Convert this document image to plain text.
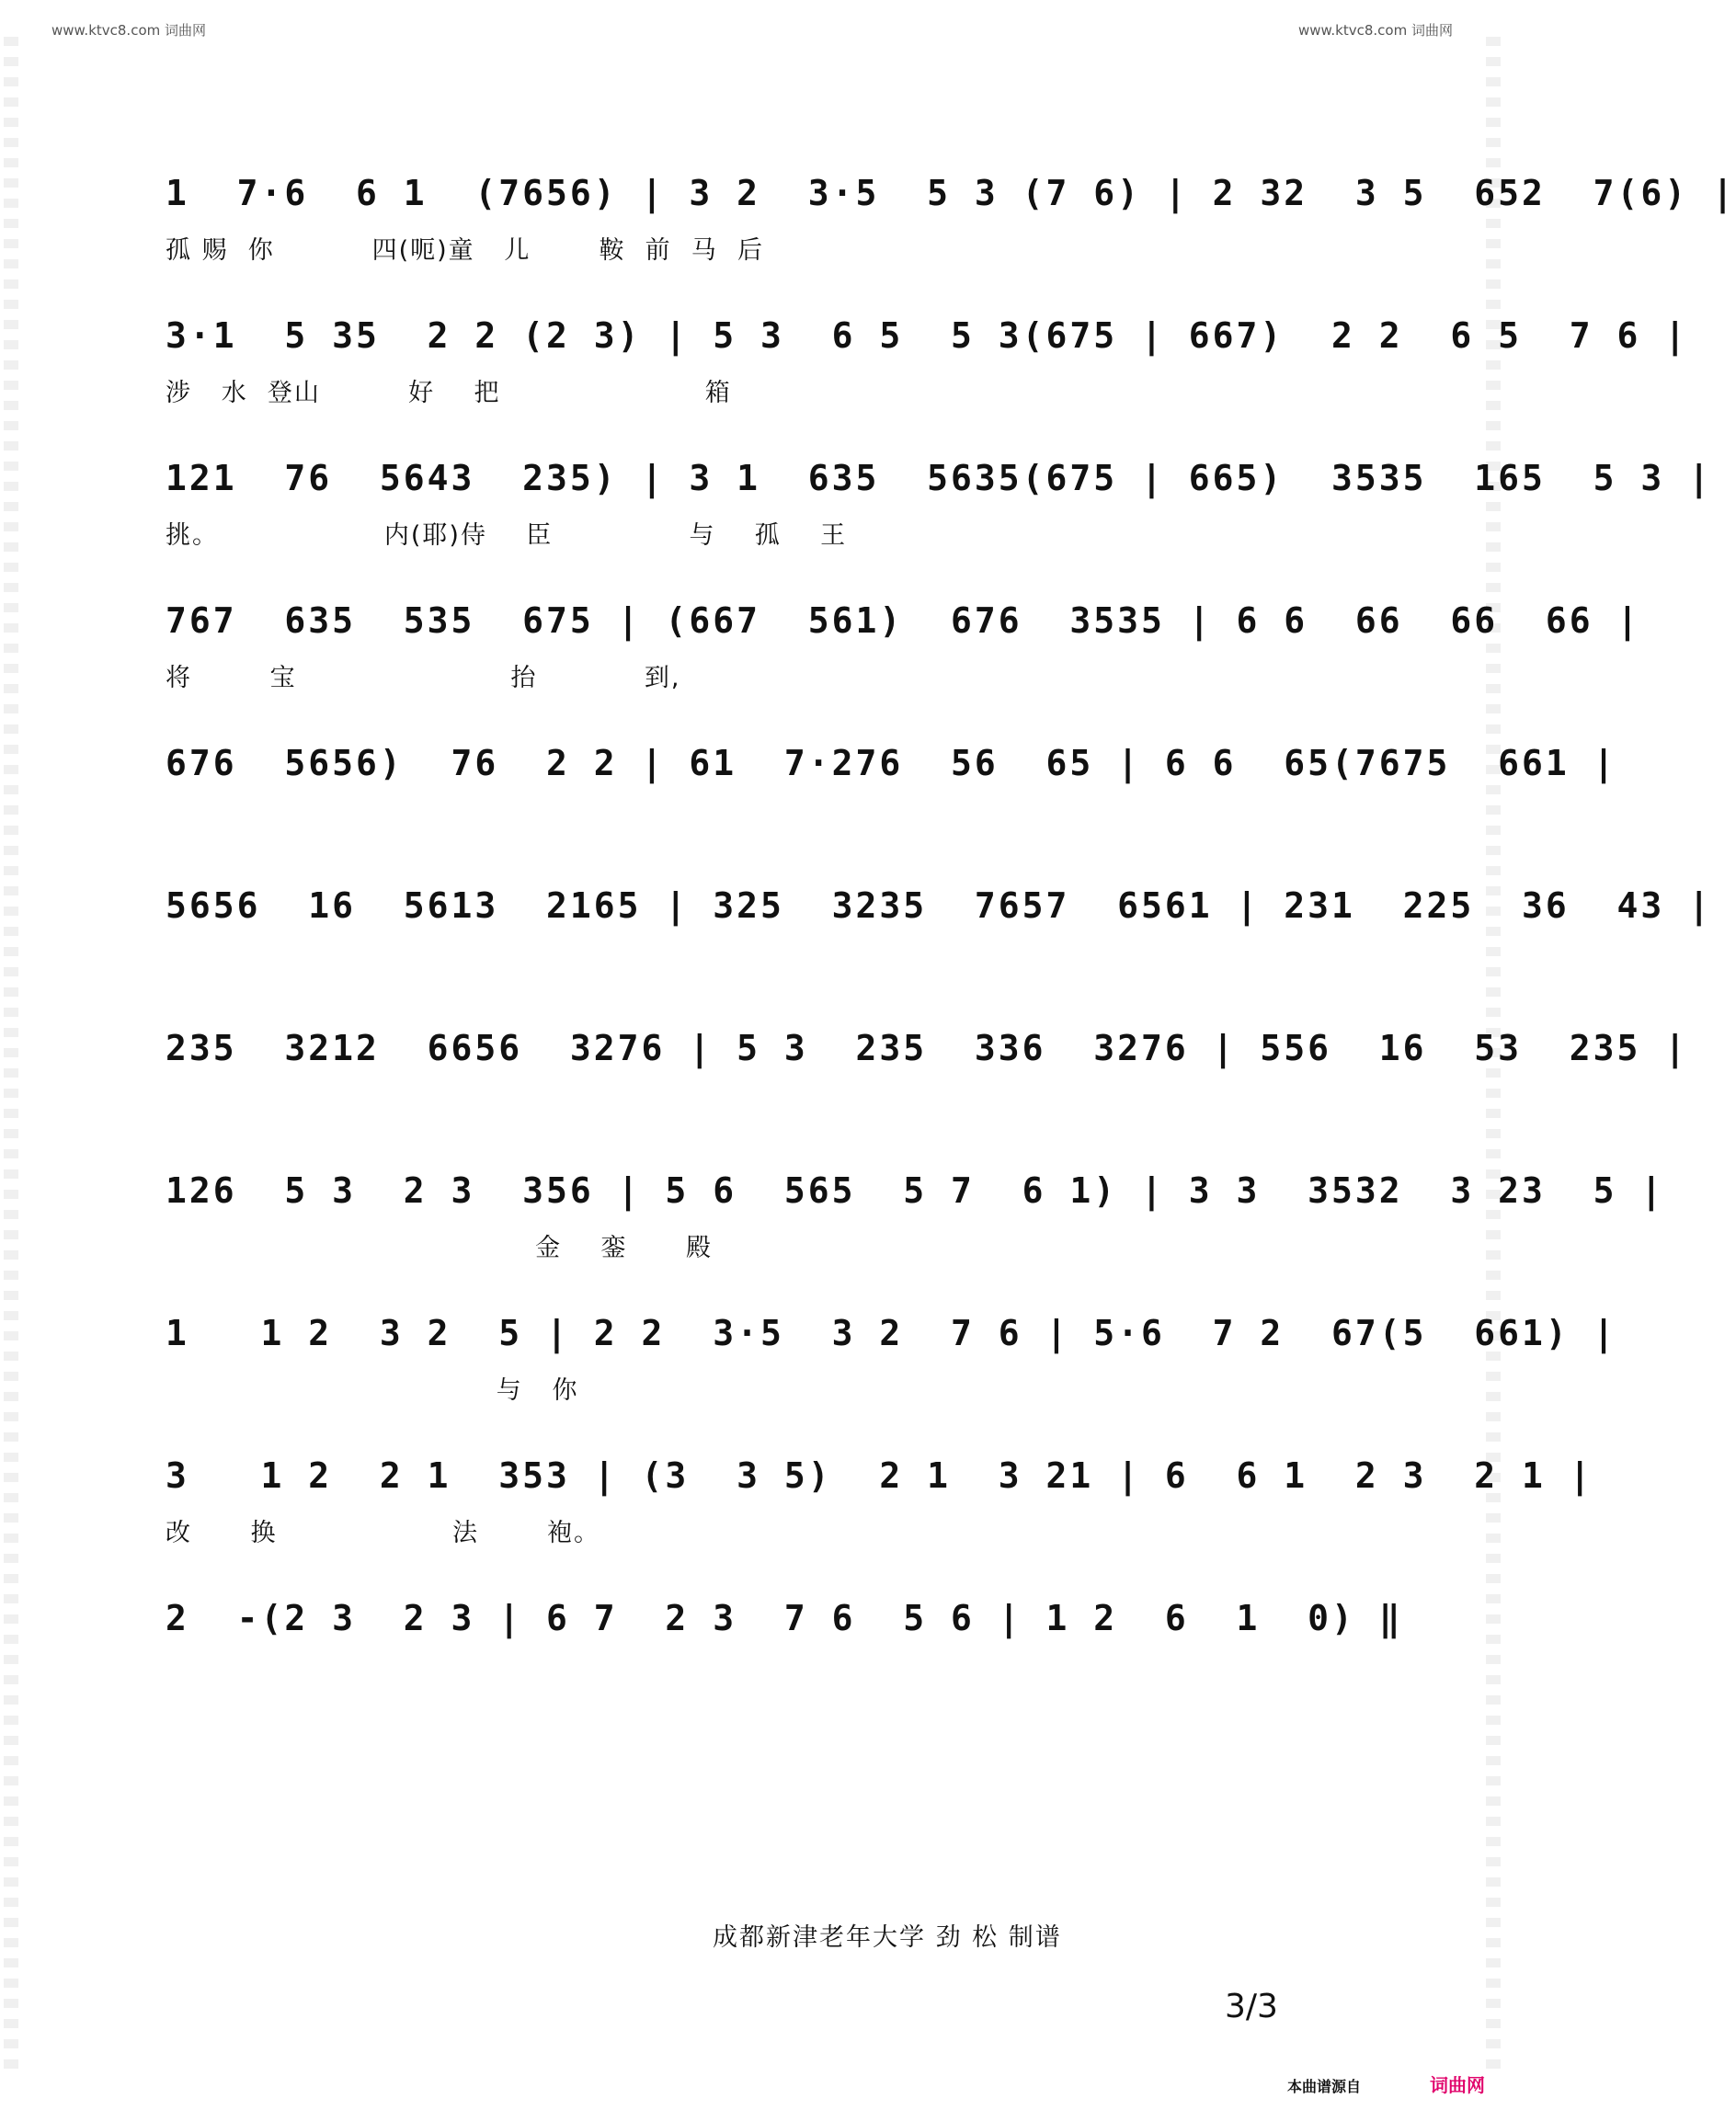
www.ktvc8.com 词曲网	www.ktvc8.com 词曲网
1  7·6  6 1  (7656) | 3 2  3·5  5 3 (7 6) | 2 32  3 5  652  7(6) |
孤 赐  你          四(呃)童   儿       鞍  前  马  后
3·1  5 35  2 2 (2 3) | 5 3  6 5  5 3(675 | 667)  2 2  6 5  7 6 |
涉   水  登山         好    把                     箱
121  76  5643  235) | 3 1  635  5635(675 | 665)  3535  165  5 3 |
挑。                 内(耶)侍    臣              与    孤    王
767  635  535  675 | (667  561)  676  3535 | 6 6  66  66  66 |
将        宝                      抬           到,
676  5656)  76  2 2 | 61  7·276  56  65 | 6 6  65(7675  661 |
5656  16  5613  2165 | 325  3235  7657  6561 | 231  225  36  43 |
235  3212  6656  3276 | 5 3  235  336  3276 | 556  16  53  235 |
126  5 3  2 3  356 | 5 6  565  5 7  6 1) | 3 3  3532  3 23  5 |
金    銮      殿
1   1 2  3 2  5 | 2 2  3·5  3 2  7 6 | 5·6  7 2  67(5  661) |
与   你
3   1 2  2 1  353 | (3  3 5)  2 1  3 21 | 6  6 1  2 3  2 1 |
改      换                  法       袍。
2  -(2 3  2 3 | 6 7  2 3  7 6  5 6 | 1 2  6  1  0) ‖
成都新津老年大学 劲 松 制谱
3/3
本曲谱源自	词曲网
